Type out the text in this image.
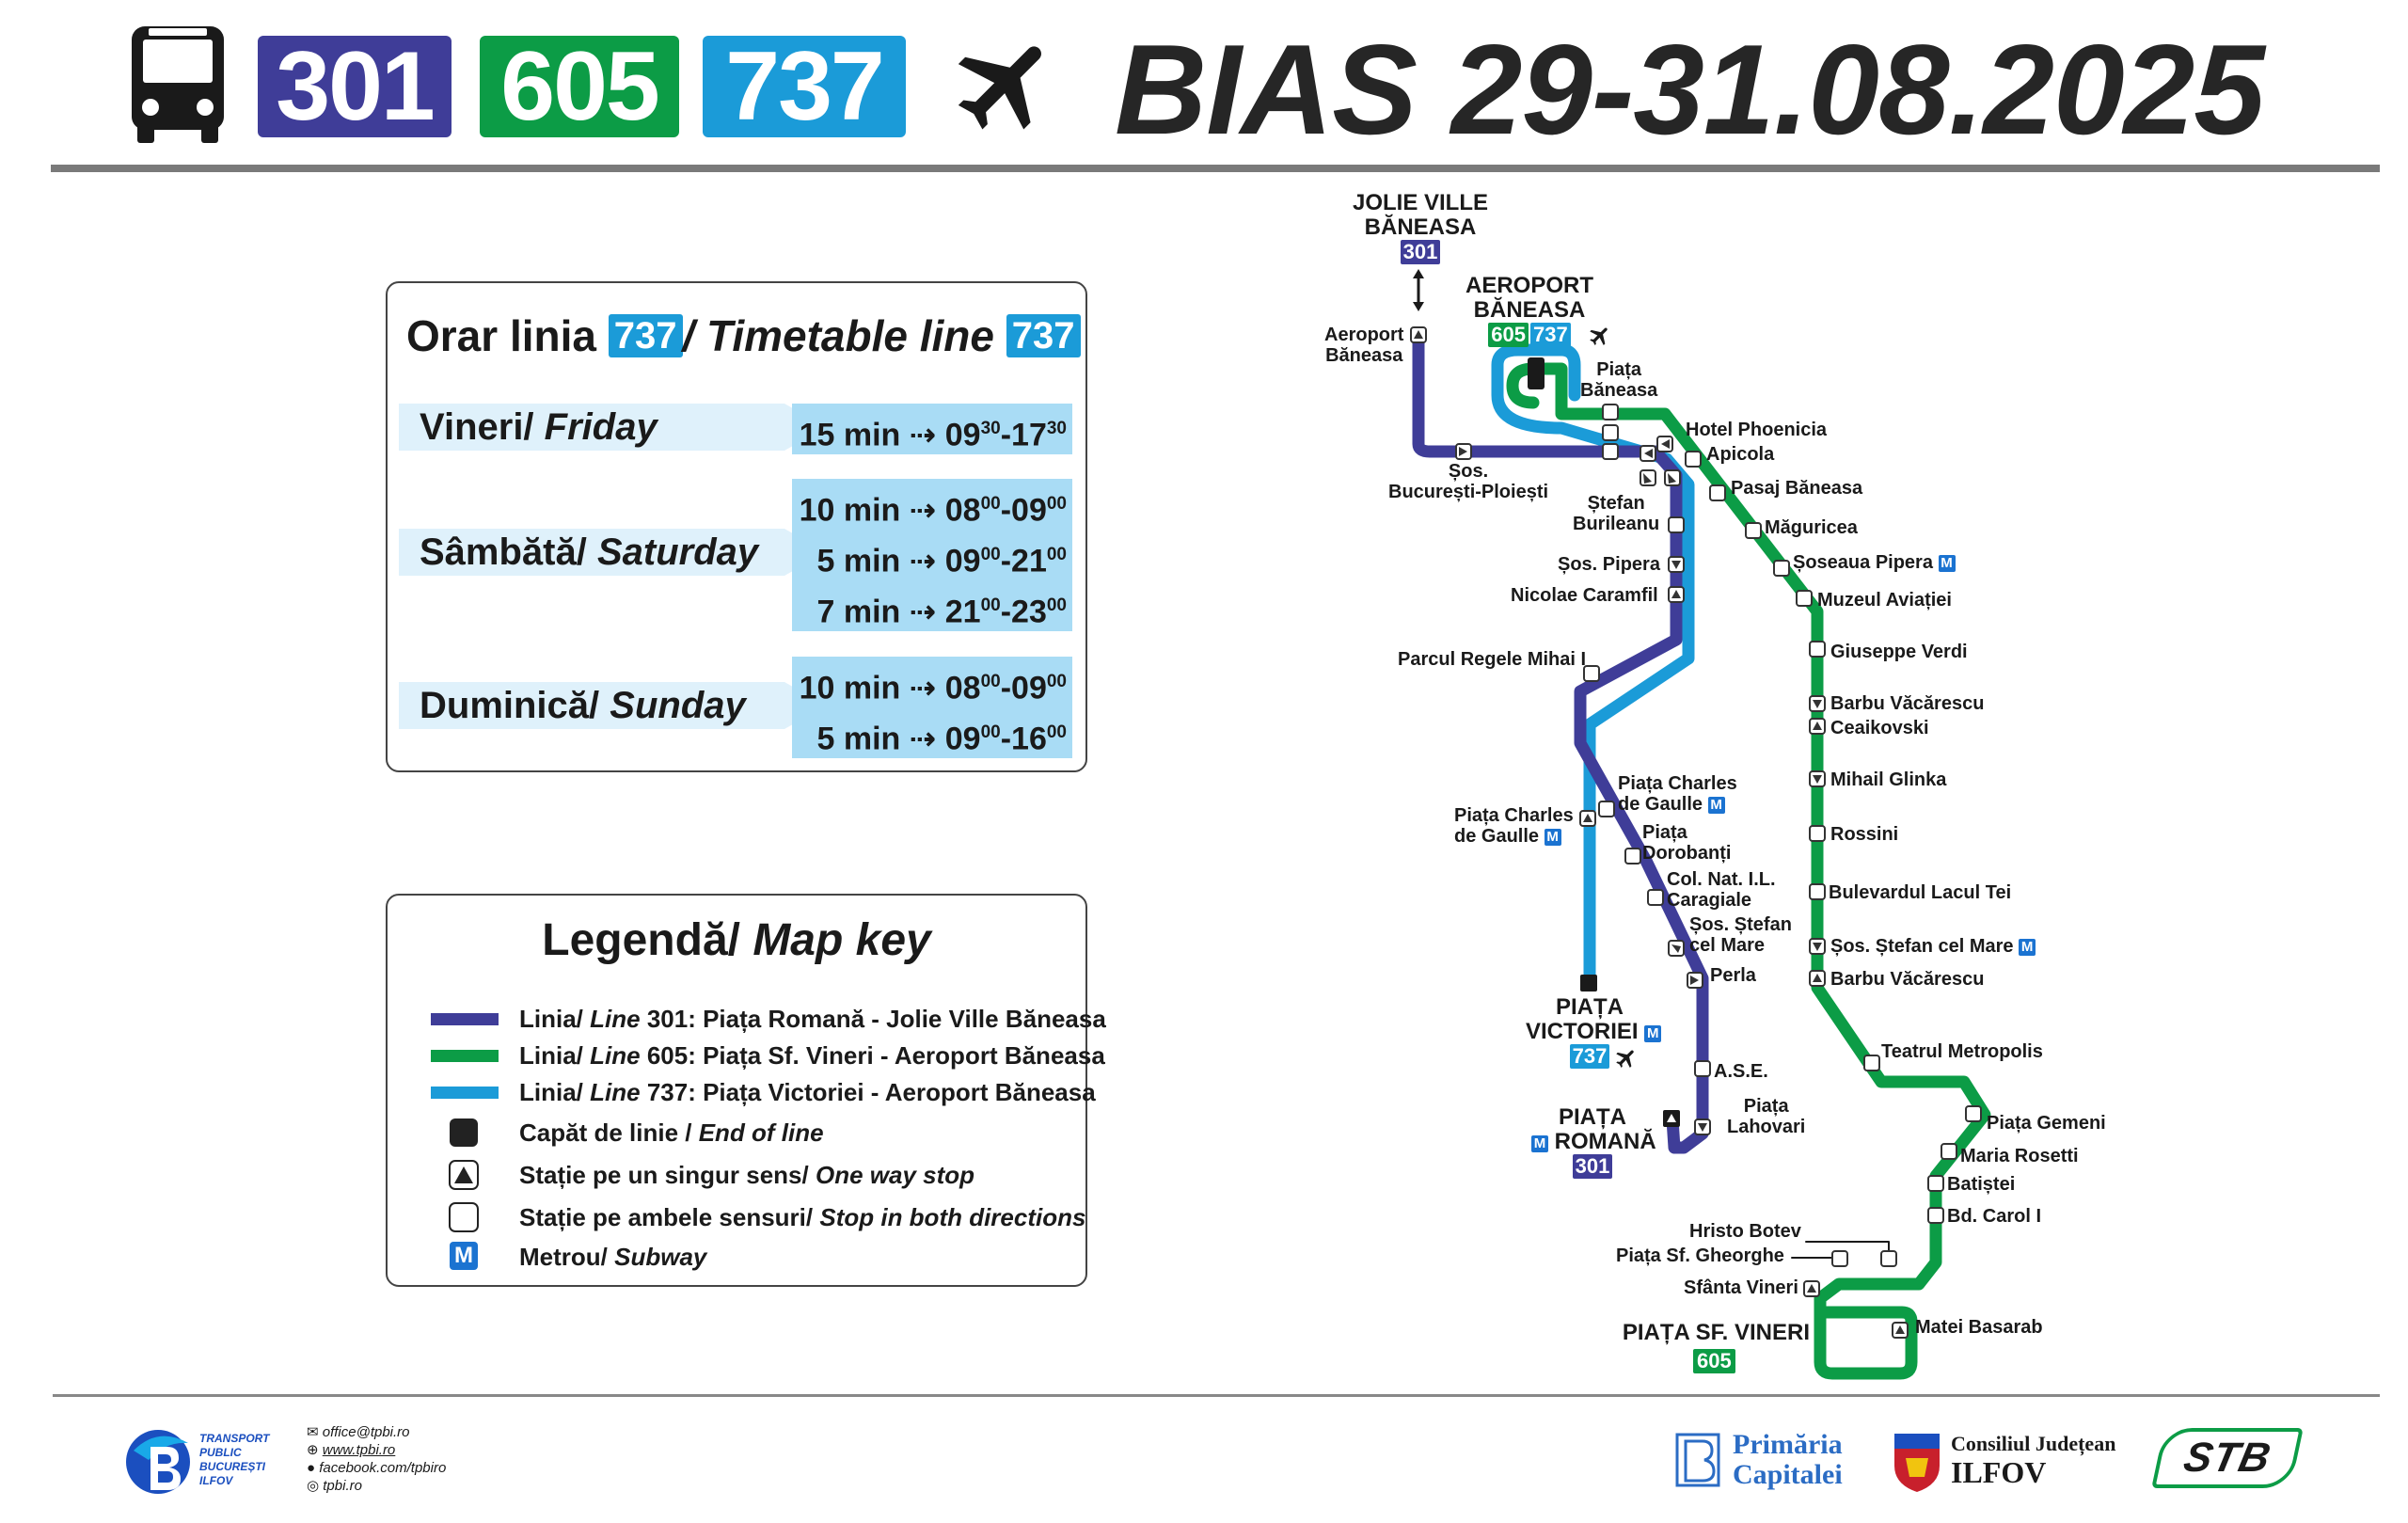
301 605 737 BIAS 29-31.08.2025
Orar linia 737 / Timetable line 737
Vineri/ Friday	15 min ⇢ $09^{30}-17^{30}$
Sâmbătă/ Saturday
10 min ⇢ $08^{00}-09^{00}$
5 min ⇢ $09^{00}-21^{00}$
7 min ⇢ $21^{00}-23^{00}$
Duminică/ Sunday	10 min ⇢ $08^{00}-09^{00}$
5 min ⇢ $09^{00}-16^{00}$
Legendă/ Map key
Linia/ Line 301: Piața Romană - Jolie Ville Băneasa
Linia/ Line 605: Piața Sf. Vineri - Aeroport Băneasa
Linia/ Line 737: Piața Victoriei - Aeroport Băneasa
Capăt de linie / End of line
Stație pe un singur sens/ One way stop
Stație pe ambele sensuri/ Stop in both directions
M Metrou/ Subway
JOLIE VILLE
BĂNEASA
301
AEROPORT
BĂNEASA
605 737
PIAȚA
VICTORIEI M
737
PIAȚA
M ROMANĂ
301
PIAȚA SF. VINERI
605
Aeroport
Băneasa
Piața
Băneasa
Hotel Phoenicia
Apicola
Șos.
București-Ploiești	Pasaj Băneasa
Ștefan
Burileanu	Măguricea
Șoseaua Pipera M
Șos. Pipera
Muzeul Aviației
Nicolae Caramfil
Giuseppe Verdi
Parcul Regele Mihai I
Barbu Văcărescu
Ceaikovski
Mihail Glinka
Piața Charles
de Gaulle M
Piața Charles
de Gaulle M	Piața
Dorobanți
Rossini
Col. Nat. I.L.
Caragiale	Bulevardul Lacul Tei
Șos. Ștefan
cel Mare	Șos. Ștefan cel Mare M
Barbu Văcărescu
Perla
Teatrul Metropolis
A.S.E.
Piața
Lahovari	Piața Gemeni
Maria Rosetti
Batiștei
Bd. Carol I
Hristo Botev
Piața Sf. Gheorghe
Sfânta Vineri
Matei Basarab
TRANSPORT
PUBLIC
BUCUREȘTI
ILFOV
✉ office@tpbi.ro
⊕ www.tpbi.ro
● facebook.com/tpbiro
◎ tpbi.ro
Primăria
Capitalei
Consiliul Județean
ILFOV	STB
